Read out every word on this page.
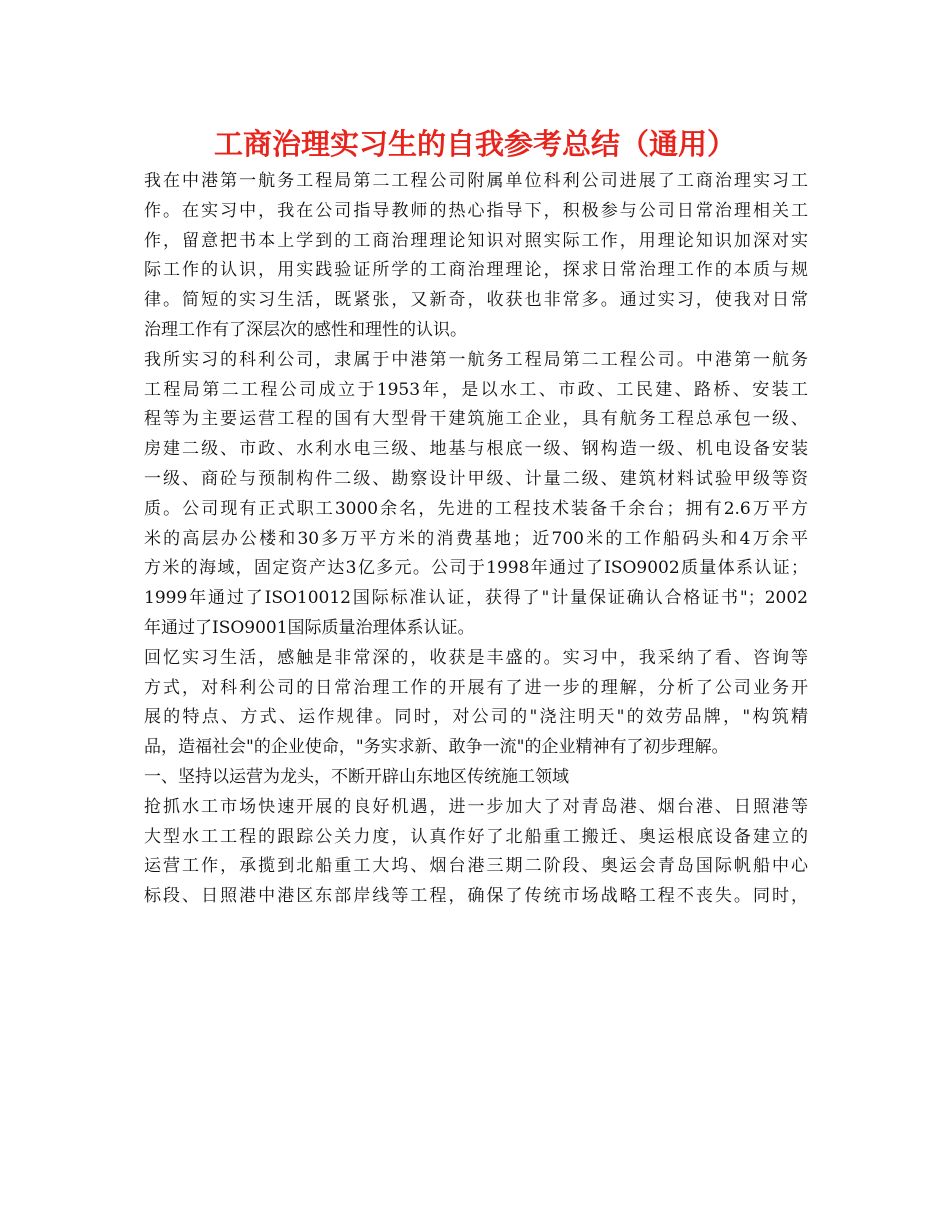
工商治理实习生的自我参考总结（通用）
我在中港第一航务工程局第二工程公司附属单位科利公司进展了工商治理实习工
作。在实习中，我在公司指导教师的热心指导下，积极参与公司日常治理相关工
作，留意把书本上学到的工商治理理论知识对照实际工作，用理论知识加深对实
际工作的认识，用实践验证所学的工商治理理论，探求日常治理工作的本质与规
律。简短的实习生活，既紧张，又新奇，收获也非常多。通过实习，使我对日常
治理工作有了深层次的感性和理性的认识。
我所实习的科利公司，隶属于中港第一航务工程局第二工程公司。中港第一航务
工程局第二工程公司成立于1953年，是以水工、市政、工民建、路桥、安装工
程等为主要运营工程的国有大型骨干建筑施工企业，具有航务工程总承包一级、
房建二级、市政、水利水电三级、地基与根底一级、钢构造一级、机电设备安装
一级、商砼与预制构件二级、勘察设计甲级、计量二级、建筑材料试验甲级等资
质。公司现有正式职工3000余名，先进的工程技术装备千余台；拥有2.6万平方
米的高层办公楼和30多万平方米的消费基地；近700米的工作船码头和4万余平
方米的海域，固定资产达3亿多元。公司于1998年通过了ISO9002质量体系认证；
1999年通过了ISO10012国际标准认证，获得了"计量保证确认合格证书"；2002
年通过了ISO9001国际质量治理体系认证。
回忆实习生活，感触是非常深的，收获是丰盛的。实习中，我采纳了看、咨询等
方式，对科利公司的日常治理工作的开展有了进一步的理解，分析了公司业务开
展的特点、方式、运作规律。同时，对公司的"浇注明天"的效劳品牌，"构筑精
品，造福社会"的企业使命，"务实求新、敢争一流"的企业精神有了初步理解。
一、坚持以运营为龙头，不断开辟山东地区传统施工领域
抢抓水工市场快速开展的良好机遇，进一步加大了对青岛港、烟台港、日照港等
大型水工工程的跟踪公关力度，认真作好了北船重工搬迁、奥运根底设备建立的
运营工作，承揽到北船重工大坞、烟台港三期二阶段、奥运会青岛国际帆船中心
标段、日照港中港区东部岸线等工程，确保了传统市场战略工程不丧失。同时，
